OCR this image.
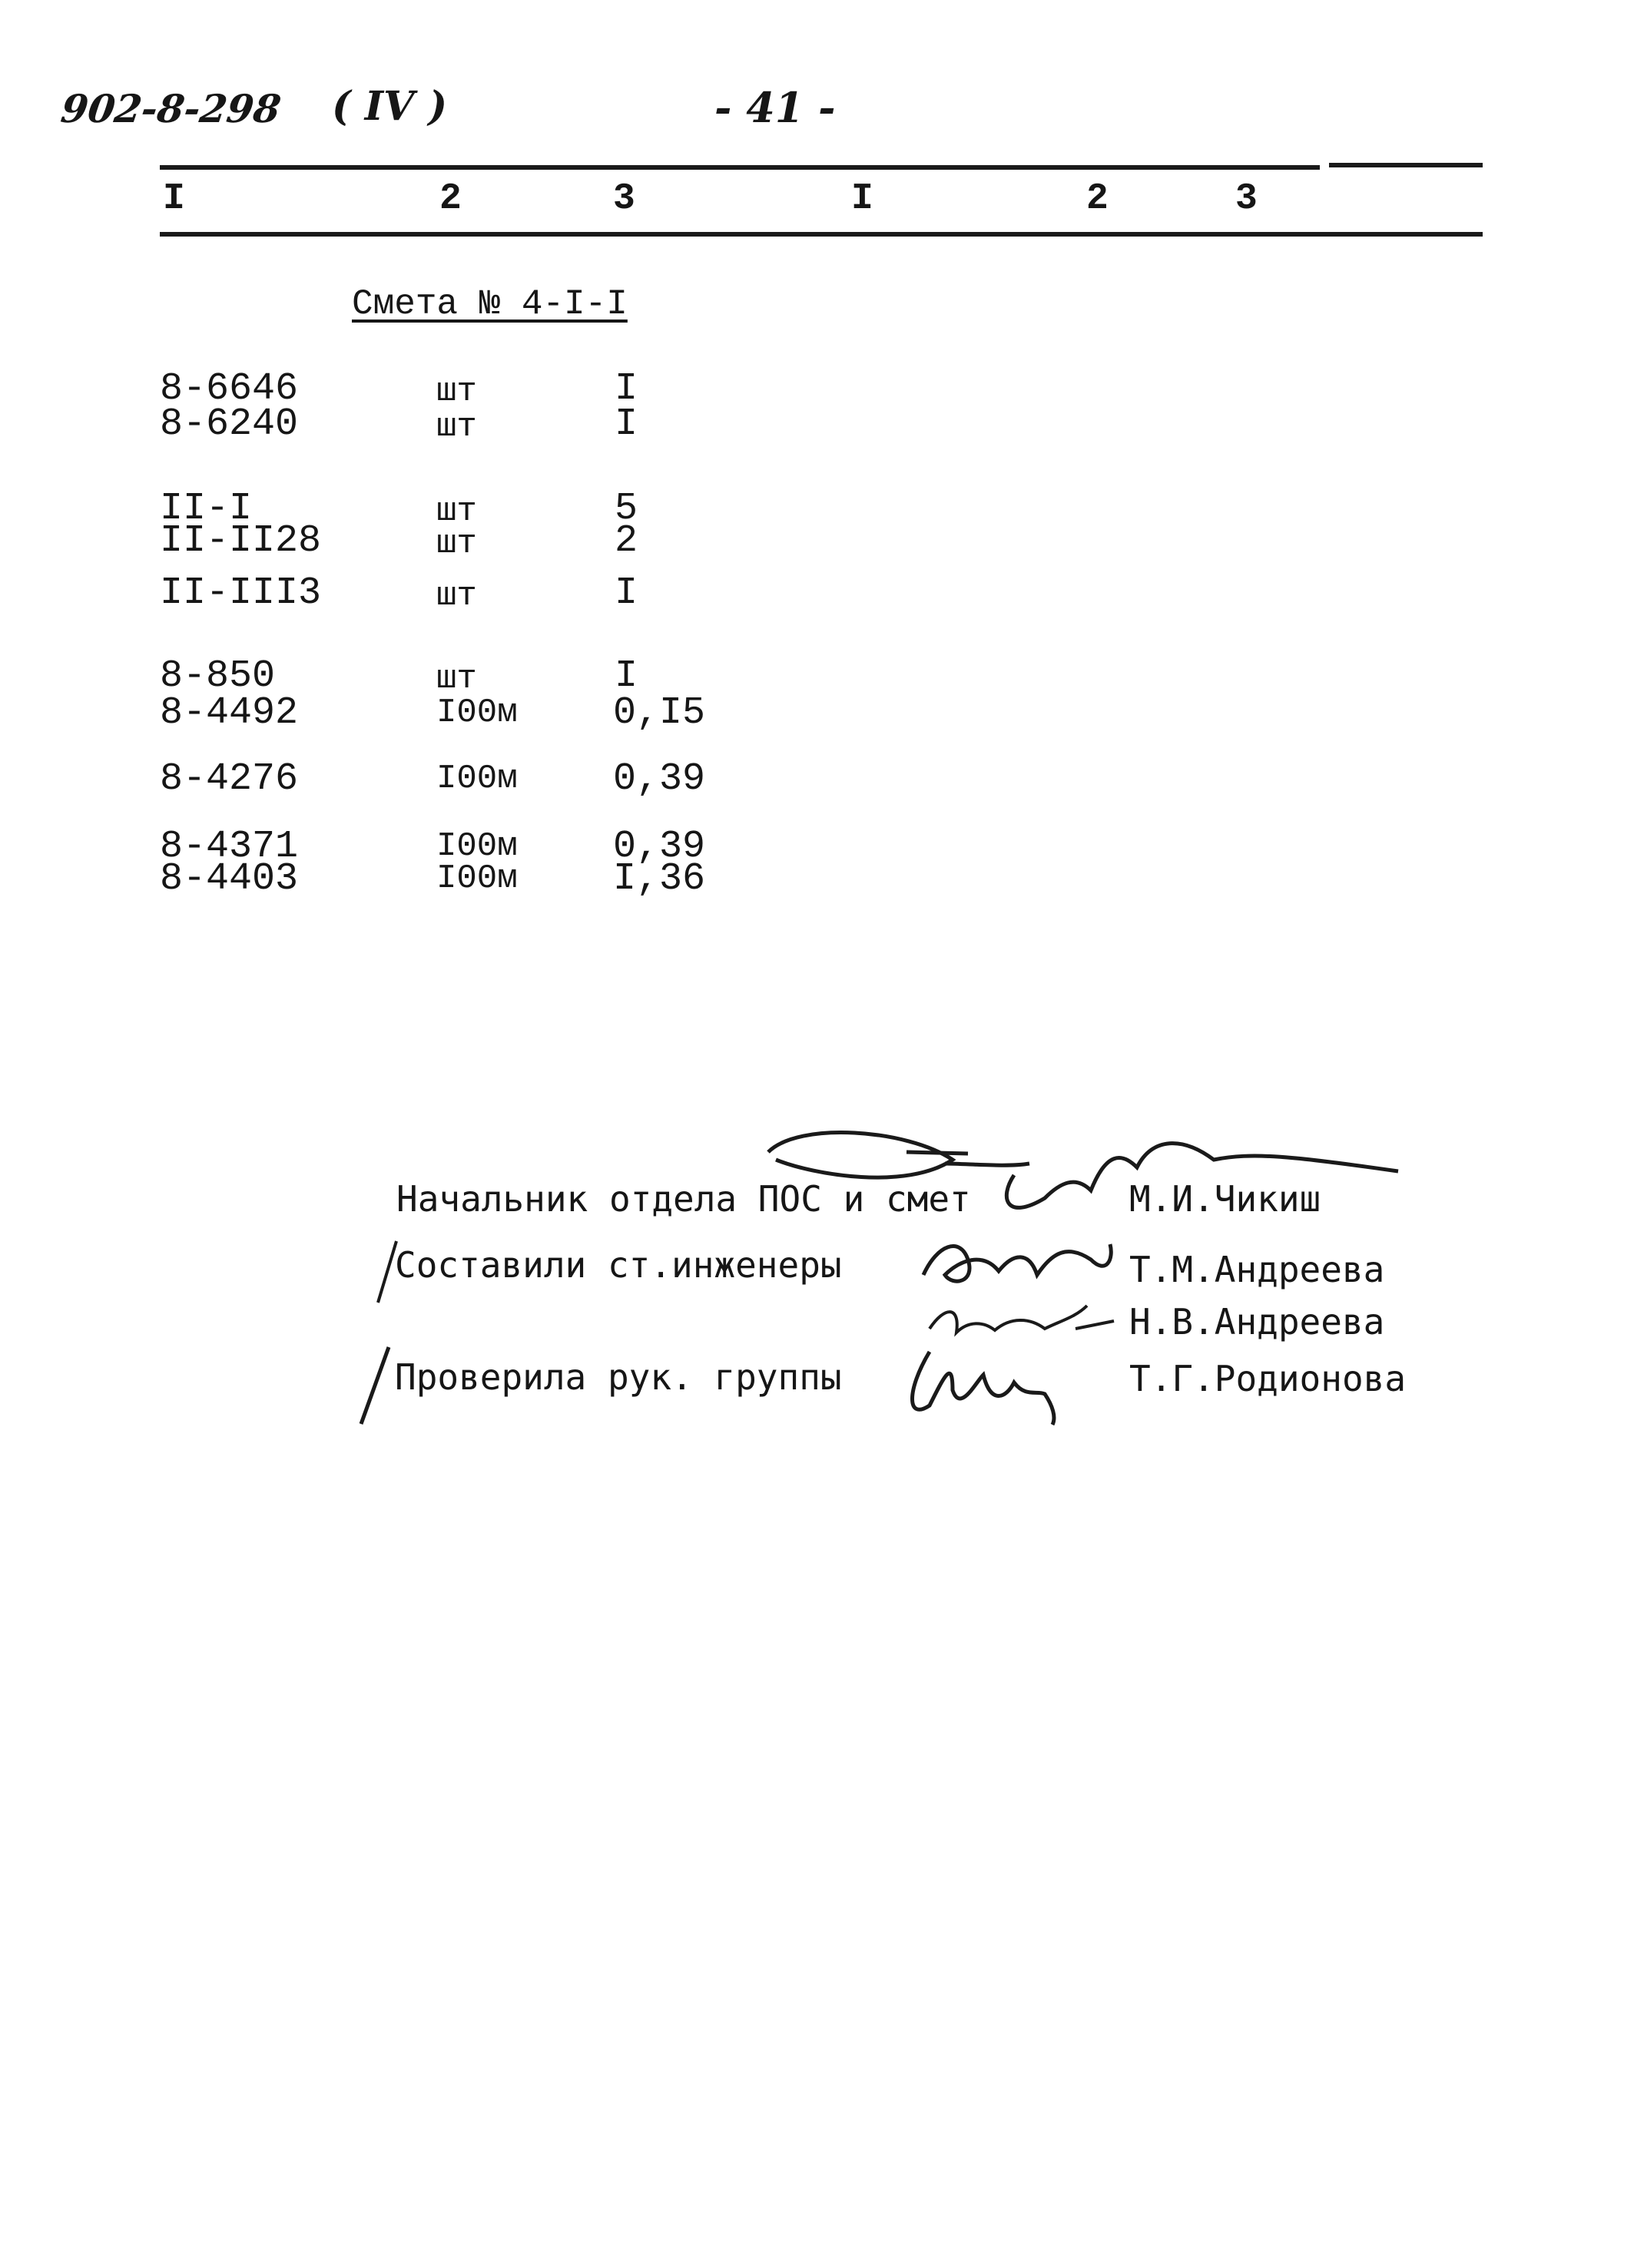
902-8-298 ( IV )	- 41 -
I	2	3	I	2	3
Смета № 4-I-I
8-6646	шт	I
8-6240	шт	I
II-I	шт	5
II-II28	шт	2
II-III3	шт	I
8-850	шт	I
8-4492	I00м 0,I5
8-4276	I00м 0,39
8-4371	I00м 0,39
8-4403	I00м I,36
Начальник отдела ПОС и смет	М.И.Чикиш
Составили ст.инженеры	Т.М.Андреева
Н.В.Андреева
Проверила рук. группы	Т.Г.Родионова
